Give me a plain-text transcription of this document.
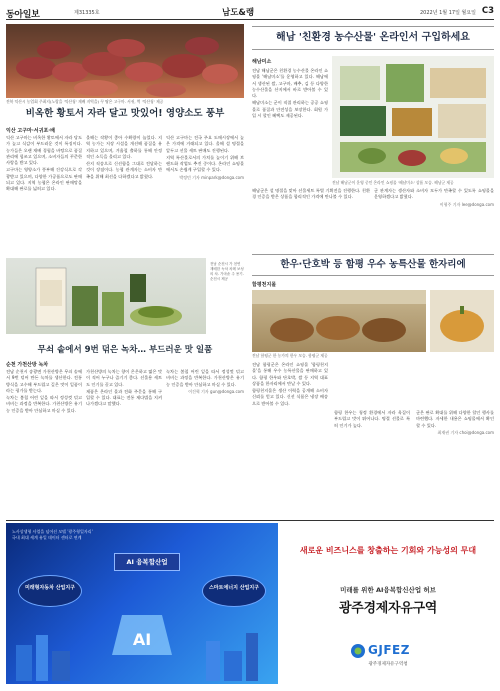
동아일보	제31335호	남도&랭	2022년 1월 17일 월요일 C3
전북 익산시 농업회 주최지(노랑을 '익산청' 재배 지역을) 꾸 땅은 고구마. 서귀, 썩 '익산청' 제공
비옥한 황토서 자라 달고 맛있어! 영양소도 풍부
익산 고구마·서귀포·배

익산 고구마는 비옥한 황토에서 자라 당도가 높고 식감이 부드러운 것이 특징이다. 농가들은 오랜 재배 경험을 바탕으로 품질 관리에 힘쓰고 있으며, 소비자들의 꾸준한 사랑을 받고 있다.

고구마는 영양소가 풍부해 건강식으로 각광받고 있으며, 다양한 가공품으로도 판매되고 있다. 지역 농협은 온라인 판매망을 확대해 판로를 넓히고 있다.

올해는 작황이 좋아 수확량이 늘었다. 지역 농가는 저장 시설을 개선해 품질을 유지하고 있으며, 겨울철 출하를 통해 안정적인 소득을 올리고 있다.

산지 직송으로 신선함을 그대로 전달하는 것이 장점이다. 농협 관계자는 소비자 만족을 위해 최선을 다하겠다고 밝혔다.

익산 고구마는 전국 주요 도매시장에서 높은 가격에 거래되고 있다. 올해 설 명절을 앞두고 선물 세트 판매도 진행된다.

지역 특산물로서의 가치를 높이기 위해 브랜드화 작업도 추진 중이다. 온라인 쇼핑몰에서도 손쉽게 구입할 수 있다.

박정민 기자 minpark@donga.com
전남 순천시 가 천연 재배한 녹차 차례 보성의 차. 가마솥 주 용기. 순천시 제공
무쇠 솥에서 9번 덖은 녹차… 부드러운 맛 일품
순천 가천산방 녹차

전남 순천시 송광면 가천산방은 무쇠 솥에서 9번 덖어 만든 녹차를 생산한다. 전통 방식을 고수해 부드럽고 깊은 맛이 일품이라는 평가를 받는다.

녹차는 봄철 어린 잎을 따서 정성껏 덖고 비비는 과정을 반복한다. 가천산방은 유기농 인증을 받아 안심하고 마실 수 있다.

가천산방의 녹차는 향이 은은하고 떫은 맛이 적어 누구나 즐기기 좋다. 선물용 세트도 인기를 끌고 있다.

제품은 온라인 몰과 전화 주문을 통해 구입할 수 있다. 대표는 전통 제다법을 지켜 나가겠다고 말했다.

녹차는 봄철 어린 잎을 따서 정성껏 덖고 비비는 과정을 반복한다. 가천산방은 유기농 인증을 받아 안심하고 마실 수 있다.

이건혁 기자 gun@donga.com
해남 '친환경 농수산물' 온라인서 구입하세요
해남미소

전남 해남군은 친환경 농수산물 온라인 쇼핑몰 '해남미소'를 운영하고 있다. 해남에서 생산된 쌀, 고구마, 배추, 김 등 다양한 농수산물을 산지에서 바로 받아볼 수 있다.

해남미소는 군이 직접 관리하는 공공 쇼핑몰로 품질과 안전성을 보장한다. 회원 가입 시 할인 혜택도 제공된다.

전남 해남군이 운영 중인 온라인 쇼핑몰 '해남미소' 상품 모습. 해남군 제공

해남군은 설 명절을 맞아 선물세트 특별 기획전을 진행한다. 친환경 인증을 받은 상품을 합리적인 가격에 만나볼 수 있다.

군 관계자는 생산자와 소비자 모두가 만족할 수 있도록 쇼핑몰을 운영하겠다고 밝혔다.

이형주 기자 lee@donga.com
한우·단호박 등 함평 우수 농특산물 한자리에
함평천지몰
전남 함평군 한 농가의 한우 모습. 함평군 제공

전남 함평군은 온라인 쇼핑몰 '함평천지몰'을 통해 우수 농특산물을 판매하고 있다. 함평 한우와 단호박, 쌀 등 지역 대표 상품을 한자리에서 만날 수 있다.

함평천지몰은 생산 이력을 공개해 소비자 신뢰를 얻고 있다. 신선 식품은 냉장 배송으로 받아볼 수 있다.

함평 한우는 청정 환경에서 자라 육질이 부드럽고 맛이 뛰어나다. 명절 선물로 특히 인기가 높다.

군은 판로 확대를 위해 다양한 할인 행사를 마련했다. 자세한 내용은 쇼핑몰에서 확인할 수 있다.

최재권 기자 choi@donga.com
노사상생형 사업을 넘어선 모델 '광주형일자리'
국내 최대 세계 유일 데이터 센터로 연계
AI 융복합산업
미래형자동차 산업지구	스마트에너지 산업지구
AI
새로운 비즈니스를 창출하는 기회와 가능성의 무대
미래를 위한 AI융복합신산업 허브
광주경제자유구역
GJFEZ
광주경제자유구역청
